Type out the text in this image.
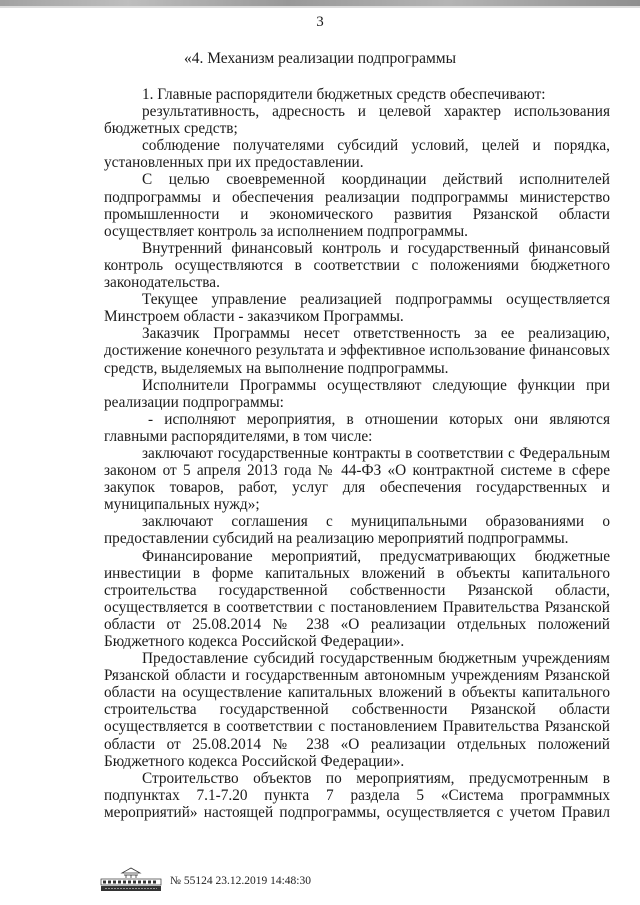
3
«4. Механизм реализации подпрограммы

1. Главные распорядители бюджетных средств обеспечивают:

результативность, адресность и целевой характер использования

бюджетных средств;

соблюдение получателями субсидий условий, целей и порядка,

установленных при их предоставлении.

С целью своевременной координации действий исполнителей

подпрограммы и обеспечения реализации подпрограммы министерство

промышленности и экономического развития Рязанской области

осуществляет контроль за исполнением подпрограммы.

Внутренний финансовый контроль и государственный финансовый

контроль осуществляются в соответствии с положениями бюджетного

законодательства.

Текущее управление реализацией подпрограммы осуществляется

Минстроем области - заказчиком Программы.

Заказчик Программы несет ответственность за ее реализацию,

достижение конечного результата и эффективное использование финансовых

средств, выделяемых на выполнение подпрограммы.

Исполнители Программы осуществляют следующие функции при

реализации подпрограммы:

- исполняют мероприятия, в отношении которых они являются

главными распорядителями, в том числе:

заключают государственные контракты в соответствии с Федеральным

законом от 5 апреля 2013 года № 44-ФЗ «О контрактной системе в сфере

закупок товаров, работ, услуг для обеспечения государственных и

муниципальных нужд»;

заключают соглашения с муниципальными образованиями о

предоставлении субсидий на реализацию мероприятий подпрограммы.

Финансирование мероприятий, предусматривающих бюджетные

инвестиции в форме капитальных вложений в объекты капитального

строительства государственной собственности Рязанской области,

осуществляется в соответствии с постановлением Правительства Рязанской

области от 25.08.2014 № 238 «О реализации отдельных положений

Бюджетного кодекса Российской Федерации».

Предоставление субсидий государственным бюджетным учреждениям

Рязанской области и государственным автономным учреждениям Рязанской

области на осуществление капитальных вложений в объекты капитального

строительства государственной собственности Рязанской области

осуществляется в соответствии с постановлением Правительства Рязанской

области от 25.08.2014 № 238 «О реализации отдельных положений

Бюджетного кодекса Российской Федерации».

Строительство объектов по мероприятиям, предусмотренным в

подпунктах 7.1-7.20 пункта 7 раздела 5 «Система программных

мероприятий» настоящей подпрограммы, осуществляется с учетом Правил

№ 55124 23.12.2019 14:48:30
